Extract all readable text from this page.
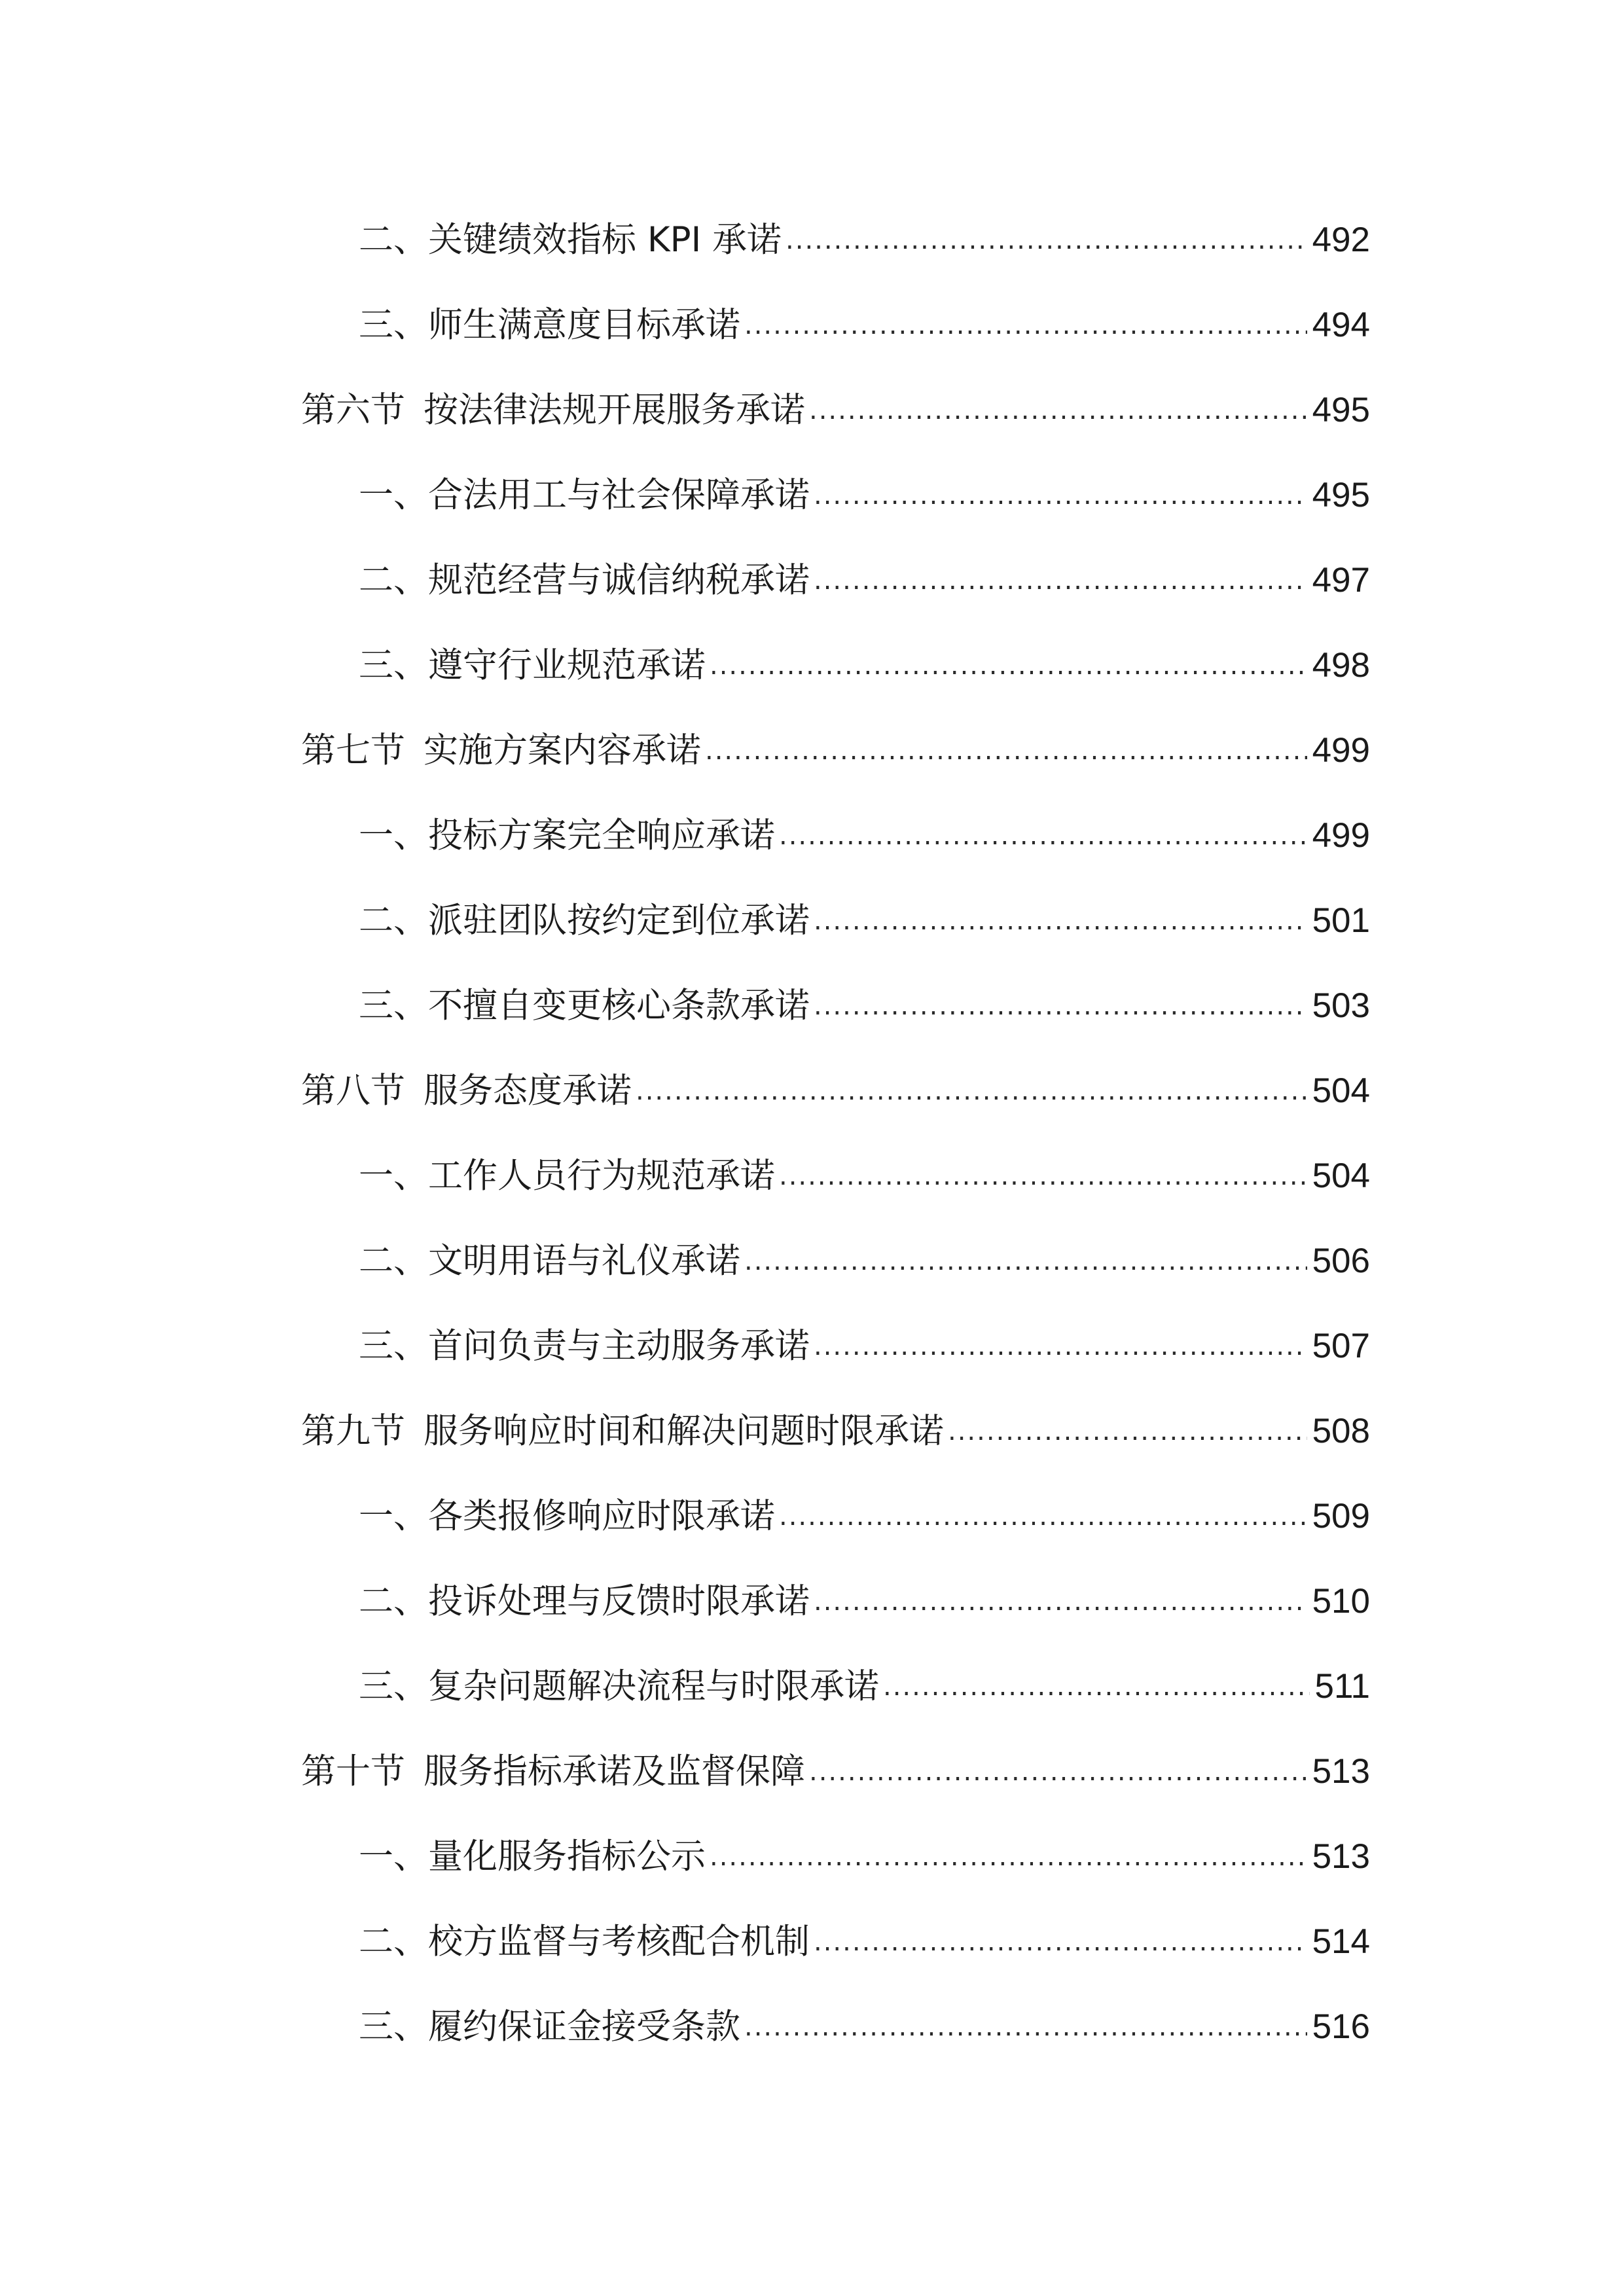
二、 关键绩效指标 KPI 承诺 .....	492
三、 师生满意度目标承诺 .....	494
第六节 按法律法规开展服务承诺 .....	495
一、 合法用工与社会保障承诺 .....	495
二、 规范经营与诚信纳税承诺 .....	497
三、 遵守行业规范承诺 .....	498
第七节 实施方案内容承诺 .....	499
一、 投标方案完全响应承诺 .....	499
二、 派驻团队按约定到位承诺 .....	501
三、 不擅自变更核心条款承诺 .....	503
第八节 服务态度承诺 .....	504
一、 工作人员行为规范承诺 .....	504
二、 文明用语与礼仪承诺 .....	506
三、 首问负责与主动服务承诺 .....	507
第九节 服务响应时间和解决问题时限承诺 .....	508
一、 各类报修响应时限承诺 .....	509
二、 投诉处理与反馈时限承诺 .....	510
三、 复杂问题解决流程与时限承诺 .....	511
第十节 服务指标承诺及监督保障 .....	513
一、 量化服务指标公示 .....	513
二、 校方监督与考核配合机制 .....	514
三、 履约保证金接受条款 .....	516
